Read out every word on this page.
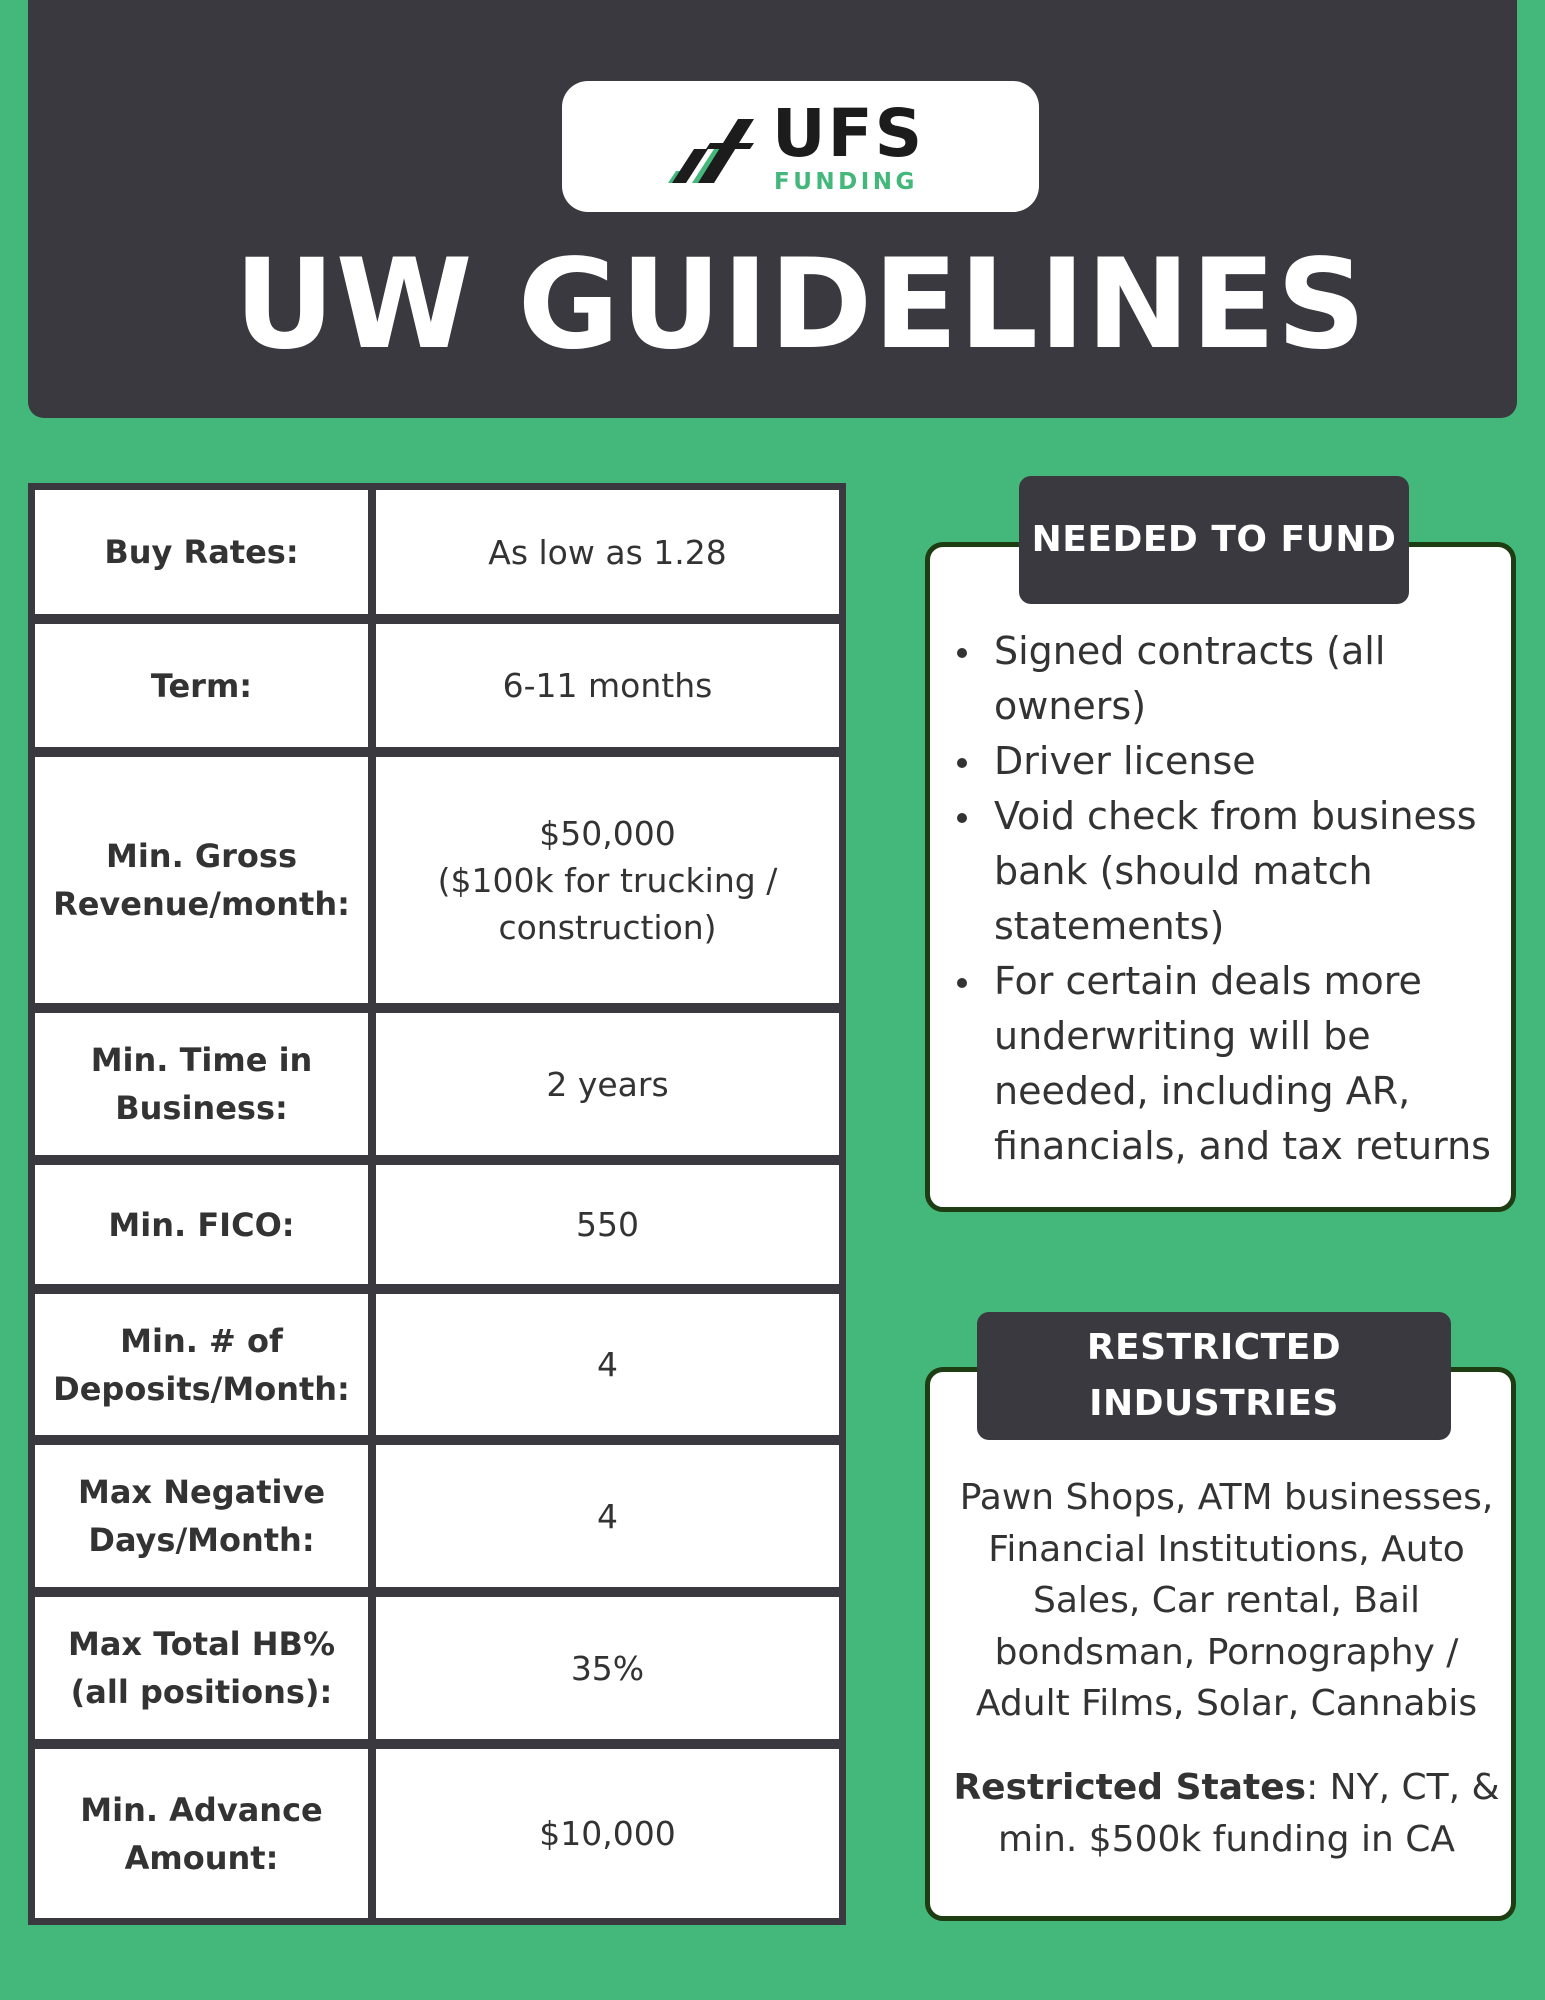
UFS
FUNDING
UW GUIDELINES
Buy Rates:	As low as 1.28
Term:	6-11 months
Min. Gross Revenue/month:
$50,000
($100k for trucking / construction)
Min. Time in Business:
2 years
Min. FICO:	550
Min. # of Deposits/Month:
4
Max Negative Days/Month:
4
Max Total HB% (all positions):
35%
Min. Advance Amount:
$10,000
NEEDED TO FUND
Signed contracts (all owners)
Driver license
Void check from business bank (should match statements)
For certain deals more underwriting will be needed, including AR, financials, and tax returns
RESTRICTED INDUSTRIES
Pawn Shops, ATM businesses, Financial Institutions, Auto Sales, Car rental, Bail bondsman, Pornography / Adult Films, Solar, Cannabis
Restricted States: NY, CT, & min. $500k funding in CA
